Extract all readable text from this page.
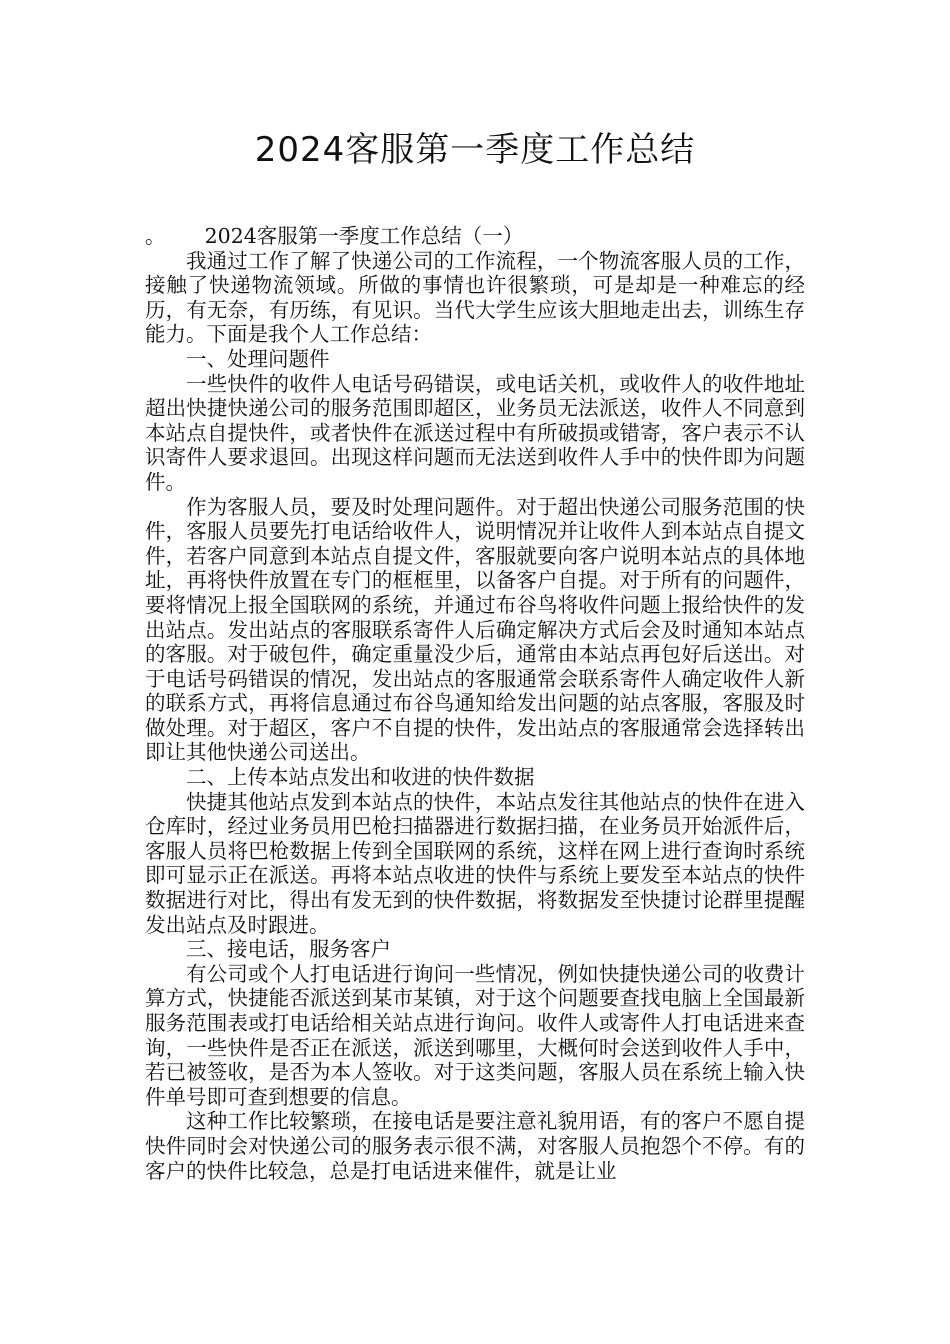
2024客服第一季度工作总结

。 2024客服第一季度工作总结（一）

我通过工作了解了快递公司的工作流程，一个物流客服人员的工作，接触了快递物流领域。所做的事情也许很繁琐，可是却是一种难忘的经历，有无奈，有历练，有见识。当代大学生应该大胆地走出去，训练生存能力。下面是我个人工作总结：

一、处理问题件

一些快件的收件人电话号码错误，或电话关机，或收件人的收件地址超出快捷快递公司的服务范围即超区，业务员无法派送，收件人不同意到本站点自提快件，或者快件在派送过程中有所破损或错寄，客户表示不认识寄件人要求退回。出现这样问题而无法送到收件人手中的快件即为问题件。

作为客服人员，要及时处理问题件。对于超出快递公司服务范围的快件，客服人员要先打电话给收件人，说明情况并让收件人到本站点自提文件，若客户同意到本站点自提文件，客服就要向客户说明本站点的具体地址，再将快件放置在专门的框框里，以备客户自提。对于所有的问题件，要将情况上报全国联网的系统，并通过布谷鸟将收件问题上报给快件的发出站点。发出站点的客服联系寄件人后确定解决方式后会及时通知本站点的客服。对于破包件，确定重量没少后，通常由本站点再包好后送出。对于电话号码错误的情况，发出站点的客服通常会联系寄件人确定收件人新的联系方式，再将信息通过布谷鸟通知给发出问题的站点客服，客服及时做处理。对于超区，客户不自提的快件，发出站点的客服通常会选择转出即让其他快递公司送出。

二、上传本站点发出和收进的快件数据

快捷其他站点发到本站点的快件，本站点发往其他站点的快件在进入仓库时，经过业务员用巴枪扫描器进行数据扫描，在业务员开始派件后，客服人员将巴枪数据上传到全国联网的系统，这样在网上进行查询时系统即可显示正在派送。再将本站点收进的快件与系统上要发至本站点的快件数据进行对比，得出有发无到的快件数据，将数据发至快捷讨论群里提醒发出站点及时跟进。

三、接电话，服务客户

有公司或个人打电话进行询问一些情况，例如快捷快递公司的收费计算方式，快捷能否派送到某市某镇，对于这个问题要查找电脑上全国最新服务范围表或打电话给相关站点进行询问。收件人或寄件人打电话进来查询，一些快件是否正在派送，派送到哪里，大概何时会送到收件人手中，若已被签收，是否为本人签收。对于这类问题，客服人员在系统上输入快件单号即可查到想要的信息。

这种工作比较繁琐，在接电话是要注意礼貌用语，有的客户不愿自提快件同时会对快递公司的服务表示很不满，对客服人员抱怨个不停。有的客户的快件比较急，总是打电话进来催件，就是让业
